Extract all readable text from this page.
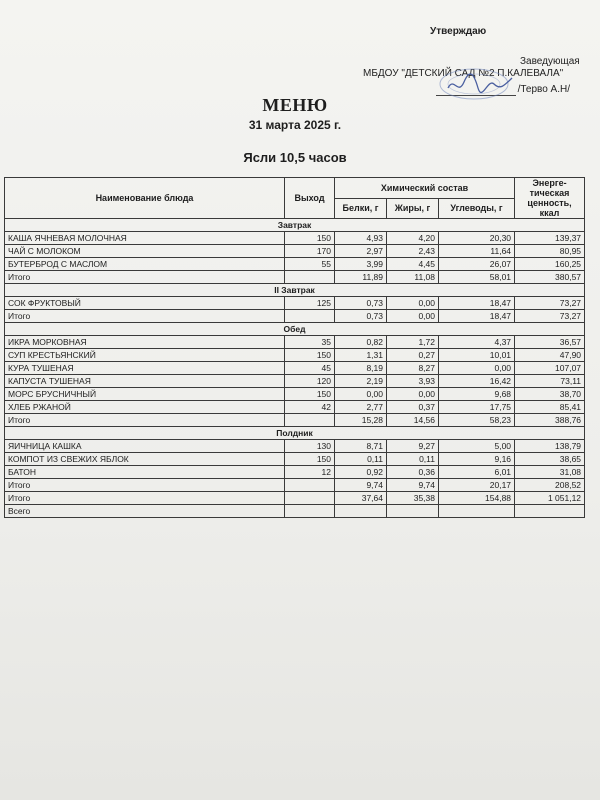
Утверждаю
Заведующая
МБДОУ "ДЕТСКИЙ САД №2 П.КАЛЕВАЛА"
/Терво А.Н/
МЕНЮ
31 марта 2025 г.
Ясли 10,5 часов
Наименование блюда	Выход	Химический состав			Энерге-тическая ценность, ккал
		Белки, г	Жиры, г	Углеводы, г	
Завтрак					
КАША ЯЧНЕВАЯ МОЛОЧНАЯ	150	4,93	4,20	20,30	139,37
ЧАЙ С МОЛОКОМ	170	2,97	2,43	11,64	80,95
БУТЕРБРОД С МАСЛОМ	55	3,99	4,45	26,07	160,25
Итого		11,89	11,08	58,01	380,57
II Завтрак					
СОК ФРУКТОВЫЙ	125	0,73	0,00	18,47	73,27
Итого		0,73	0,00	18,47	73,27
Обед					
ИКРА МОРКОВНАЯ	35	0,82	1,72	4,37	36,57
СУП КРЕСТЬЯНСКИЙ	150	1,31	0,27	10,01	47,90
КУРА ТУШЕНАЯ	45	8,19	8,27	0,00	107,07
КАПУСТА ТУШЕНАЯ	120	2,19	3,93	16,42	73,11
МОРС БРУСНИЧНЫЙ	150	0,00	0,00	9,68	38,70
ХЛЕБ РЖАНОЙ	42	2,77	0,37	17,75	85,41
Итого		15,28	14,56	58,23	388,76
Полдник					
ЯИЧНИЦА КАШКА	130	8,71	9,27	5,00	138,79
КОМПОТ ИЗ СВЕЖИХ ЯБЛОК	150	0,11	0,11	9,16	38,65
БАТОН	12	0,92	0,36	6,01	31,08
Итого		9,74	9,74	20,17	208,52
Итого		37,64	35,38	154,88	1 051,12
Всего					
